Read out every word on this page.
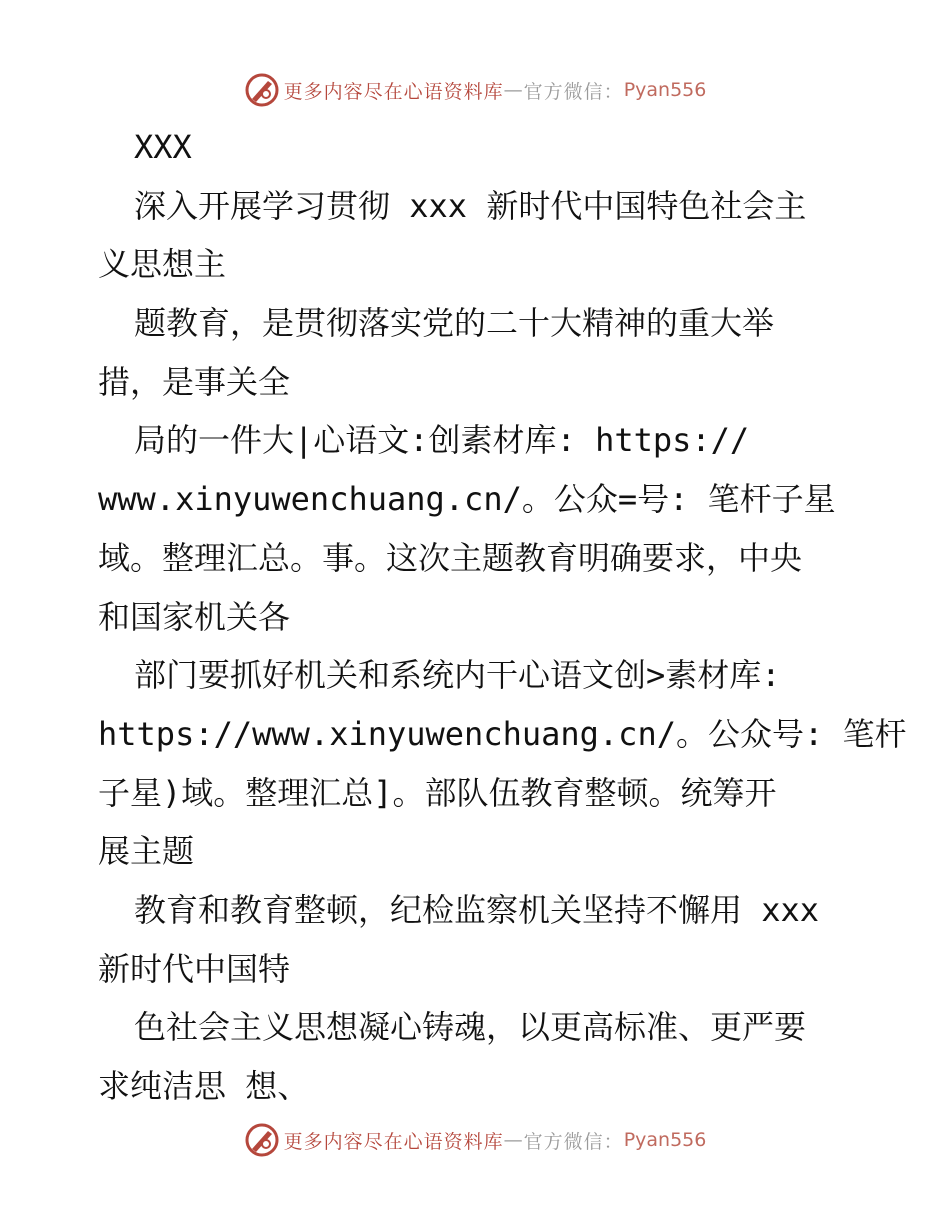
更多内容尽在心语资料库 — 官方微信： Pyan556
XXX
深入开展学习贯彻 xxx 新时代中国特色社会主
义思想主
题教育，是贯彻落实党的二十大精神的重大举
措，是事关全
局的一件大|心语文:创素材库: https://
www.xinyuwenchuang.cn/。公众=号: 笔杆子星
域。整理汇总。事。这次主题教育明确要求，中央
和国家机关各
部门要抓好机关和系统内干心语文创>素材库:
https://www.xinyuwenchuang.cn/。公众号: 笔杆
子星)域。整理汇总]。部队伍教育整顿。统筹开
展主题
教育和教育整顿，纪检监察机关坚持不懈用 xxx
新时代中国特
色社会主义思想凝心铸魂，以更高标准、更严要
求纯洁思 想、
更多内容尽在心语资料库 — 官方微信： Pyan556
